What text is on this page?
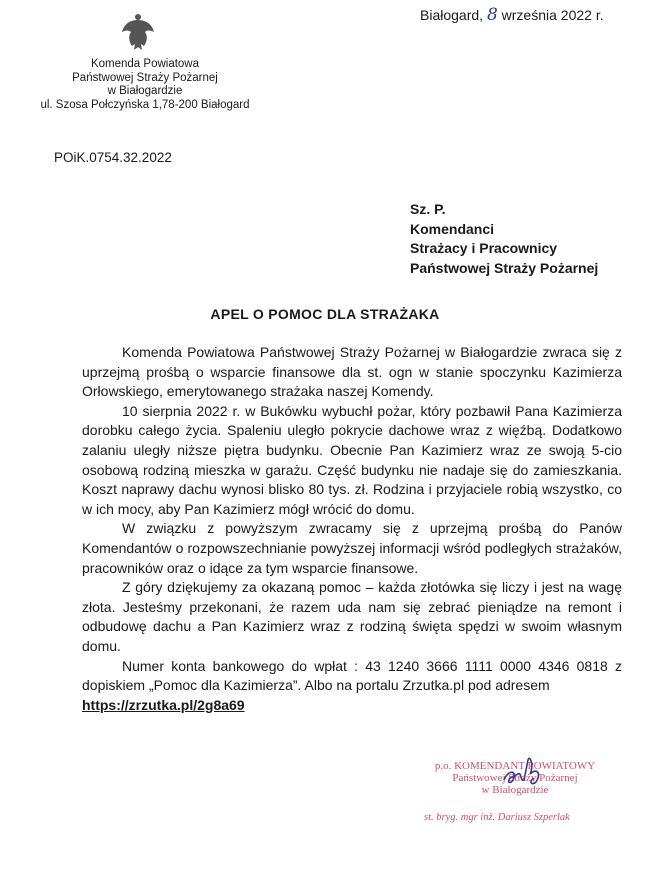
Komenda Powiatowa
Państwowej Straży Pożarnej
w Białogardzie
ul. Szosa Połczyńska 1,78-200 Białogard
Białogard, 8 września 2022 r.
POiK.0754.32.2022
Sz. P.
Komendanci
Strażacy i Pracownicy
Państwowej Straży Pożarnej
APEL O POMOC DLA STRAŻAKA

Komenda Powiatowa Państwowej Straży Pożarnej w Białogardzie zwraca się z uprzejmą prośbą o wsparcie finansowe dla st. ogn w stanie spoczynku Kazimierza Orłowskiego, emerytowanego strażaka naszej Komendy.

10 sierpnia 2022 r. w Bukówku wybuchł pożar, który pozbawił Pana Kazimierza dorobku całego życia. Spaleniu uległo pokrycie dachowe wraz z więźbą. Dodatkowo zalaniu uległy niższe piętra budynku. Obecnie Pan Kazimierz wraz ze swoją 5-cio osobową rodziną mieszka w garażu. Część budynku nie nadaje się do zamieszkania. Koszt naprawy dachu wynosi blisko 80 tys. zł. Rodzina i przyjaciele robią wszystko, co w ich mocy, aby Pan Kazimierz mógł wrócić do domu.

W związku z powyższym zwracamy się z uprzejmą prośbą do Panów Komendantów o rozpowszechnianie powyższej informacji wśród podległych strażaków, pracowników oraz o idące za tym wsparcie finansowe.

Z góry dziękujemy za okazaną pomoc – każda złotówka się liczy i jest na wagę złota. Jesteśmy przekonani, że razem uda nam się zebrać pieniądze na remont i odbudowę dachu a Pan Kazimierz wraz z rodziną święta spędzi w swoim własnym domu.

Numer konta bankowego do wpłat : 43 1240 3666 1111 0000 4346 0818 z dopiskiem „Pomoc dla Kazimierza”. Albo na portalu Zrzutka.pl pod adresem

https://zrzutka.pl/2g8a69
p.o. KOMENDANT POWIATOWY
Państwowej Straży Pożarnej
w Białogardzie
st. bryg. mgr inż. Dariusz Szperlak
